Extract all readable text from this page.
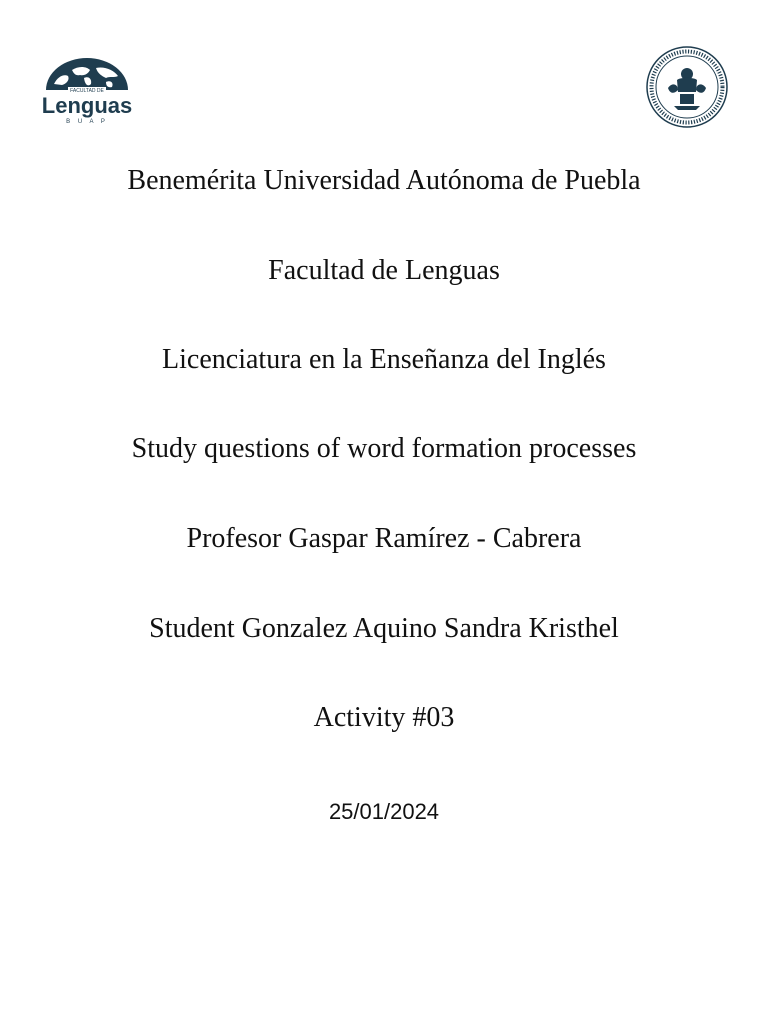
FACULTAD DE
Lenguas
B U A P
Benemérita Universidad Autónoma de Puebla
Facultad de Lenguas
Licenciatura en la Enseñanza del Inglés
Study questions of word formation processes
Profesor Gaspar Ramírez - Cabrera
Student Gonzalez Aquino Sandra Kristhel
Activity #03
25/01/2024
